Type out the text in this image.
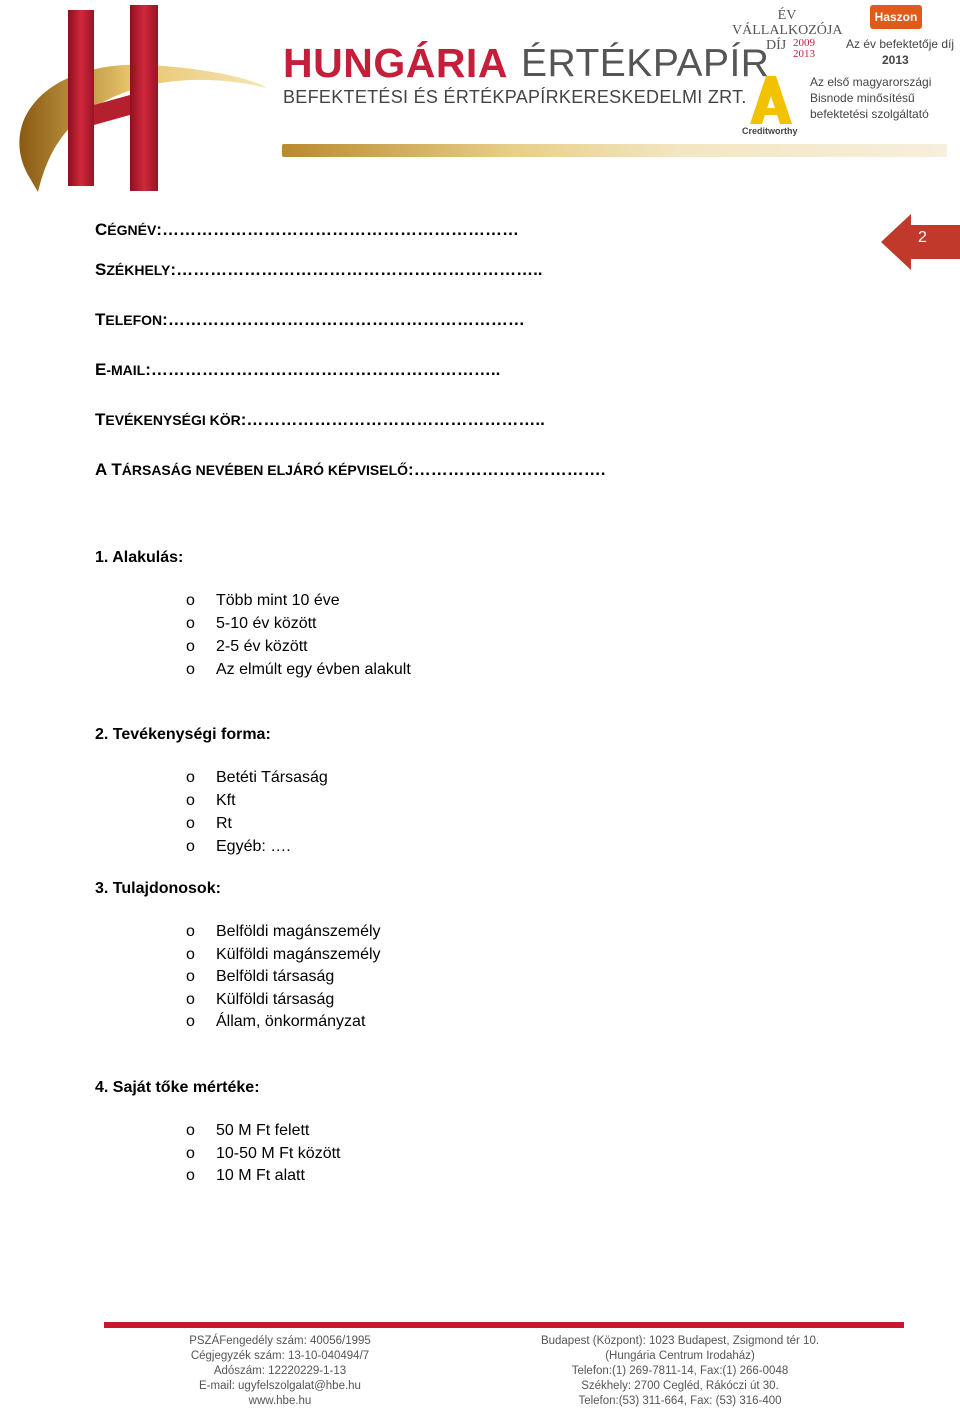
HUNGÁRIA ÉRTÉKPAPÍR
BEFEKTETÉSI ÉS ÉRTÉKPAPÍRKERESKEDELMI ZRT.
ÉV
VÁLLALKOZÓJA
DÍJ 2009
2013
Haszon
Az év befektetője díj
2013
Creditworthy
Az első magyarországi
Bisnode minősítésű
befektetési szolgáltató
2
CÉGNÉV:………………………………………………………
SZÉKHELY:………………………………………………………..
TELEFON:………………………………………………………
E-MAIL:……………………………………………………..
TEVÉKENYSÉGI KÖR:……………………………………………..
A TÁRSASÁG NEVÉBEN ELJÁRÓ KÉPVISELŐ:…………………………….
1. Alakulás:
o Több mint 10 éve
o 5-10 év között
o 2-5 év között
o Az elmúlt egy évben alakult
2. Tevékenységi forma:
o Betéti Társaság
o Kft
o Rt
o Egyéb: ….
3. Tulajdonosok:
o Belföldi magánszemély
o Külföldi magánszemély
o Belföldi társaság
o Külföldi társaság
o Állam, önkormányzat
4. Saját tőke mértéke:
o 50 M Ft felett
o 10-50 M Ft között
o 10 M Ft alatt
PSZÁFengedély szám: 40056/1995
Cégjegyzék szám: 13-10-040494/7
Adószám: 12220229-1-13
E-mail: ugyfelszolgalat@hbe.hu
www.hbe.hu
Budapest (Központ): 1023 Budapest, Zsigmond tér 10.
(Hungária Centrum Irodaház)
Telefon:(1) 269-7811-14, Fax:(1) 266-0048
Székhely: 2700 Cegléd, Rákóczi út 30.
Telefon:(53) 311-664, Fax: (53) 316-400
